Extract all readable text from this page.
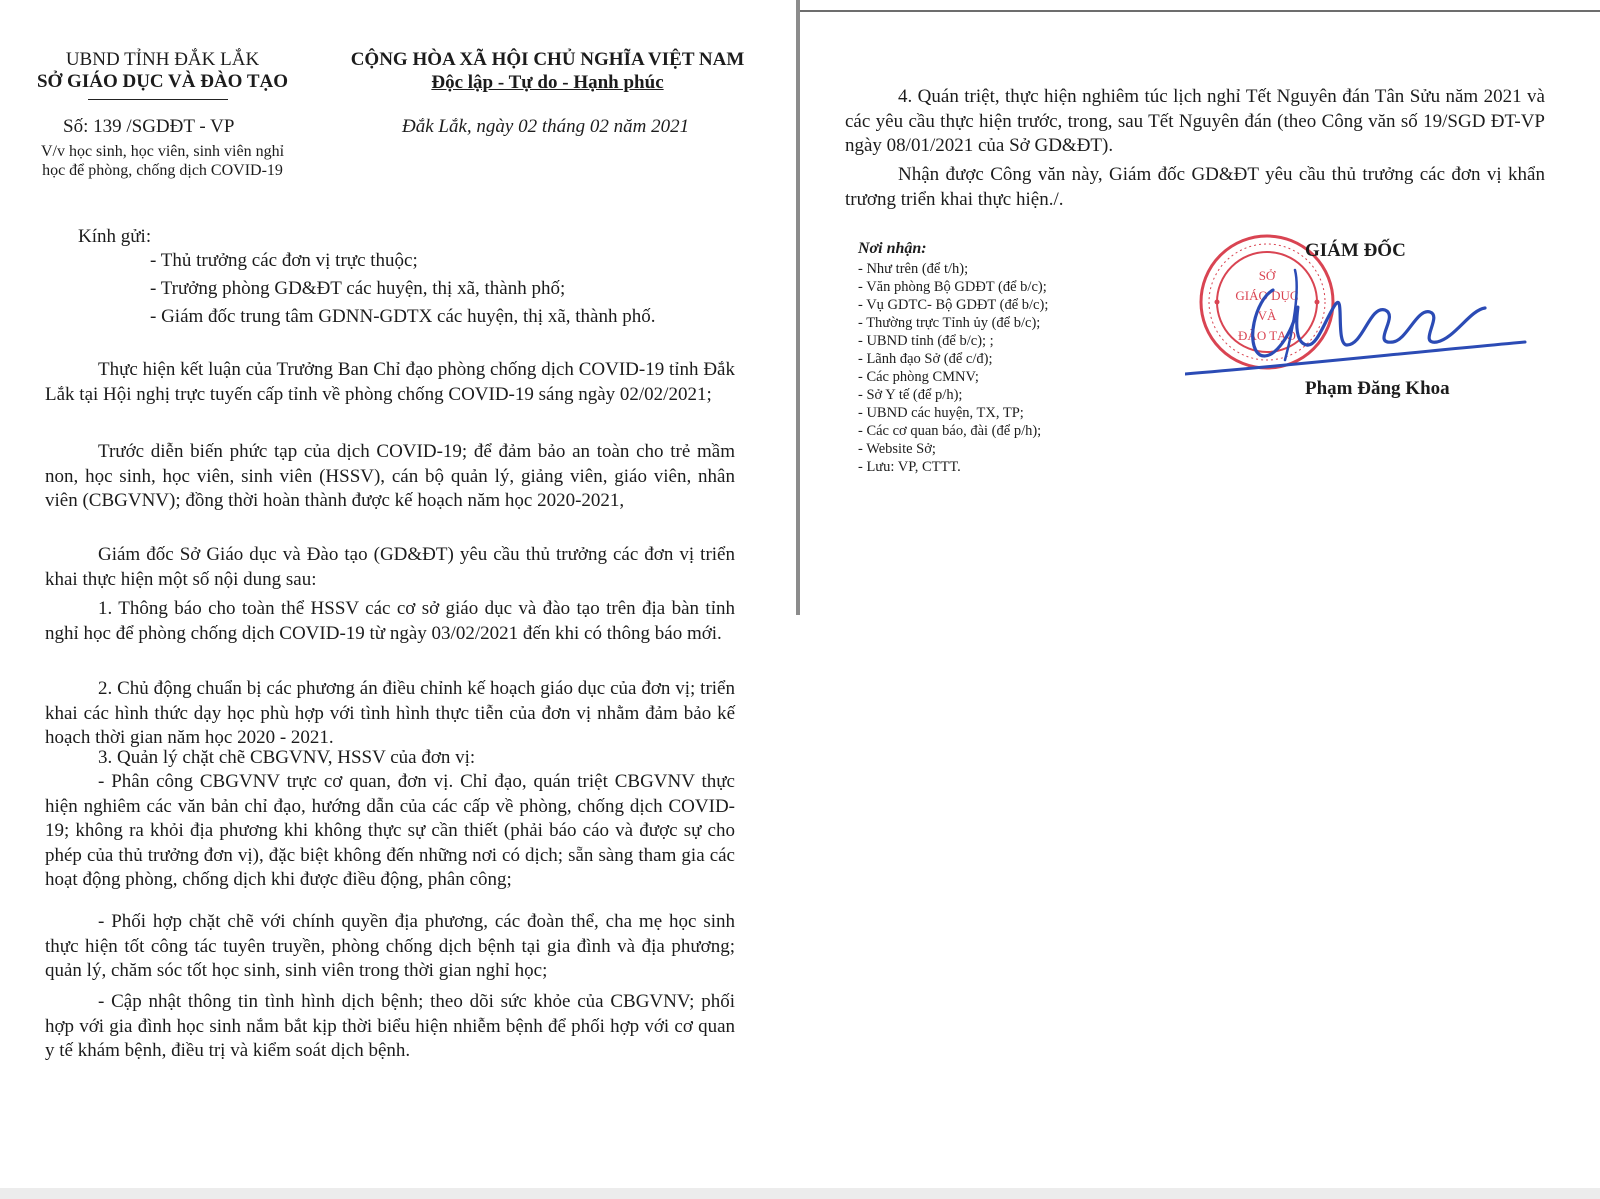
UBND TỈNH ĐẮK LẮK
SỞ GIÁO DỤC VÀ ĐÀO TẠO
CỘNG HÒA XÃ HỘI CHỦ NGHĨA VIỆT NAM
Độc lập - Tự do - Hạnh phúc
Số: 139 /SGDĐT - VP	Đắk Lắk, ngày 02 tháng 02 năm 2021
V/v học sinh, học viên, sinh viên nghỉ
học để phòng, chống dịch COVID-19
Kính gửi:
- Thủ trưởng các đơn vị trực thuộc;
- Trưởng phòng GD&ĐT các huyện, thị xã, thành phố;
- Giám đốc trung tâm GDNN-GDTX các huyện, thị xã, thành phố.
Thực hiện kết luận của Trưởng Ban Chỉ đạo phòng chống dịch COVID-19 tỉnh Đắk Lắk tại Hội nghị trực tuyến cấp tỉnh về phòng chống COVID-19 sáng ngày 02/02/2021;
Trước diễn biến phức tạp của dịch COVID-19; để đảm bảo an toàn cho trẻ mầm non, học sinh, học viên, sinh viên (HSSV), cán bộ quản lý, giảng viên, giáo viên, nhân viên (CBGVNV); đồng thời hoàn thành được kế hoạch năm học 2020-2021,
Giám đốc Sở Giáo dục và Đào tạo (GD&ĐT) yêu cầu thủ trưởng các đơn vị triển khai thực hiện một số nội dung sau:
1. Thông báo cho toàn thể HSSV các cơ sở giáo dục và đào tạo trên địa bàn tỉnh nghỉ học để phòng chống dịch COVID-19 từ ngày 03/02/2021 đến khi có thông báo mới.
2. Chủ động chuẩn bị các phương án điều chỉnh kế hoạch giáo dục của đơn vị; triển khai các hình thức dạy học phù hợp với tình hình thực tiễn của đơn vị nhằm đảm bảo kế hoạch thời gian năm học 2020 - 2021.
3. Quản lý chặt chẽ CBGVNV, HSSV của đơn vị:
- Phân công CBGVNV trực cơ quan, đơn vị. Chỉ đạo, quán triệt CBGVNV thực hiện nghiêm các văn bản chỉ đạo, hướng dẫn của các cấp về phòng, chống dịch COVID-19; không ra khỏi địa phương khi không thực sự cần thiết (phải báo cáo và được sự cho phép của thủ trưởng đơn vị), đặc biệt không đến những nơi có dịch; sẵn sàng tham gia các hoạt động phòng, chống dịch khi được điều động, phân công;
- Phối hợp chặt chẽ với chính quyền địa phương, các đoàn thể, cha mẹ học sinh thực hiện tốt công tác tuyên truyền, phòng chống dịch bệnh tại gia đình và địa phương; quản lý, chăm sóc tốt học sinh, sinh viên trong thời gian nghỉ học;
- Cập nhật thông tin tình hình dịch bệnh; theo dõi sức khỏe của CBGVNV; phối hợp với gia đình học sinh nắm bắt kịp thời biểu hiện nhiễm bệnh để phối hợp với cơ quan y tế khám bệnh, điều trị và kiểm soát dịch bệnh.
4. Quán triệt, thực hiện nghiêm túc lịch nghỉ Tết Nguyên đán Tân Sửu năm 2021 và các yêu cầu thực hiện trước, trong, sau Tết Nguyên đán (theo Công văn số 19/SGD ĐT-VP ngày 08/01/2021 của Sở GD&ĐT).
Nhận được Công văn này, Giám đốc GD&ĐT yêu cầu thủ trưởng các đơn vị khẩn trương triển khai thực hiện./.
Nơi nhận:
- Như trên (để t/h);
- Văn phòng Bộ GDĐT (để b/c);
- Vụ GDTC- Bộ GDĐT (để b/c);
- Thường trực Tỉnh ủy (để b/c);
- UBND tỉnh (để b/c); ;
- Lãnh đạo Sở (để c/đ);
- Các phòng CMNV;
- Sở Y tế (để p/h);
- UBND các huyện, TX, TP;
- Các cơ quan báo, đài (để p/h);
- Website Sở;
- Lưu: VP, CTTT.
SỞ
GIÁO DỤC
VÀ
ĐÀO TẠO
GIÁM ĐỐC
Phạm Đăng Khoa
